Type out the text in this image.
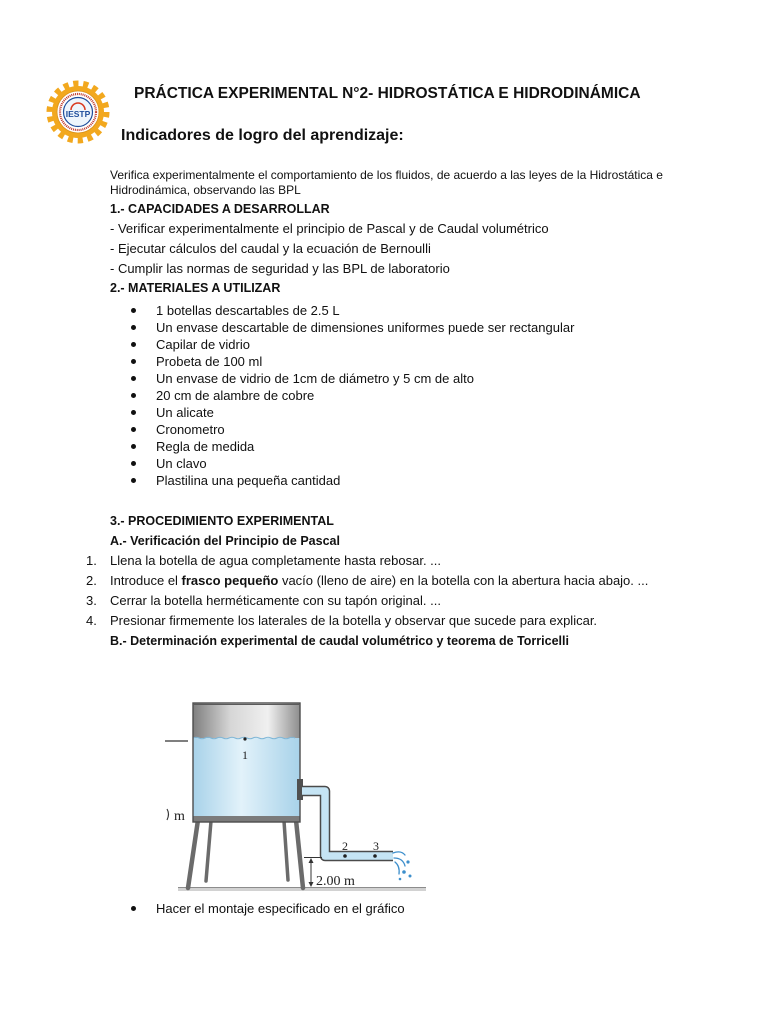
IESTP
PRÁCTICA EXPERIMENTAL N°2- HIDROSTÁTICA E HIDRODINÁMICA
Indicadores de logro del aprendizaje:

Verifica experimentalmente el comportamiento de los fluidos, de acuerdo a las leyes de la Hidrostática e Hidrodinámica, observando las BPL

1.- CAPACIDADES A DESARROLLAR
- Verificar experimentalmente el principio de Pascal y de Caudal volumétrico
- Ejecutar cálculos del caudal y la ecuación de Bernoulli
- Cumplir las normas de seguridad y las BPL de laboratorio
2.- MATERIALES A UTILIZAR
1 botellas descartables de 2.5 L
Un envase descartable de dimensiones uniformes puede ser rectangular
Capilar de vidrio
Probeta de 100 ml
Un envase de vidrio de 1cm de diámetro y 5 cm de alto
20 cm de alambre de cobre
Un alicate
Cronometro
Regla de medida
Un clavo
Plastilina una pequeña cantidad
3.- PROCEDIMIENTO EXPERIMENTAL
A.- Verificación del Principio de Pascal
1. Llena la botella de agua completamente hasta rebosar. ...
2. Introduce el frasco pequeño vacío (lleno de aire) en la botella con la abertura hacia abajo. ...
3. Cerrar la botella herméticamente con su tapón original. ...
4. Presionar firmemente los laterales de la botella y observar que sucede para explicar.
B.- Determinación experimental de caudal volumétrico y teorema de Torricelli
1
2 3
2.00 m
m
Hacer el montaje especificado en el gráfico
